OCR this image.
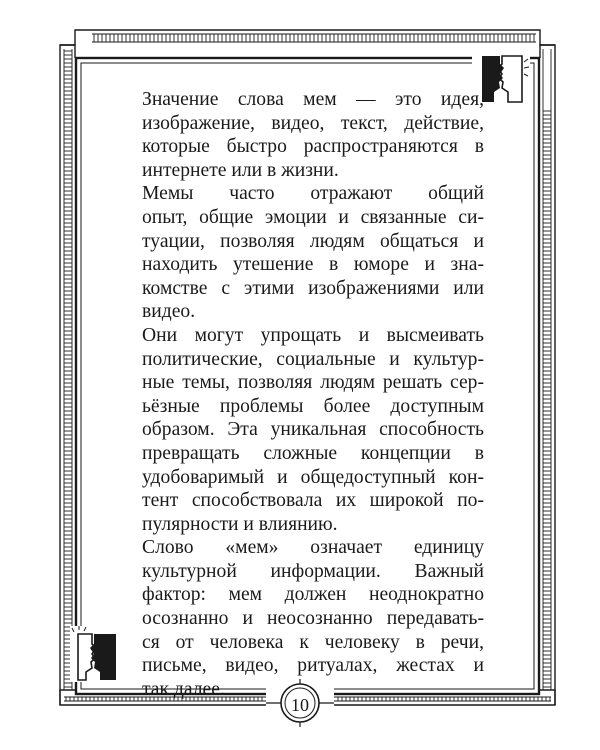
Значение слова мем — это идея,
изображение, видео, текст, действие,
которые быстро распространяются в
интернете или в жизни.
Мемы часто отражают общий
опыт, общие эмоции и связанные си-
туации, позволяя людям общаться и
находить утешение в юморе и зна-
комстве с этими изображениями или
видео.
Они могут упрощать и высмеивать
политические, социальные и культур-
ные темы, позволяя людям решать сер-
ьёзные проблемы более доступным
образом. Эта уникальная способность
превращать сложные концепции в
удобоваримый и общедоступный кон-
тент способствовала их широкой по-
пулярности и влиянию.
Слово «мем» означает единицу
культурной информации. Важный
фактор: мем должен неоднократно
осознанно и неосознанно передавать-
ся от человека к человеку в речи,
письме, видео, ритуалах, жестах и
так далее.
10
